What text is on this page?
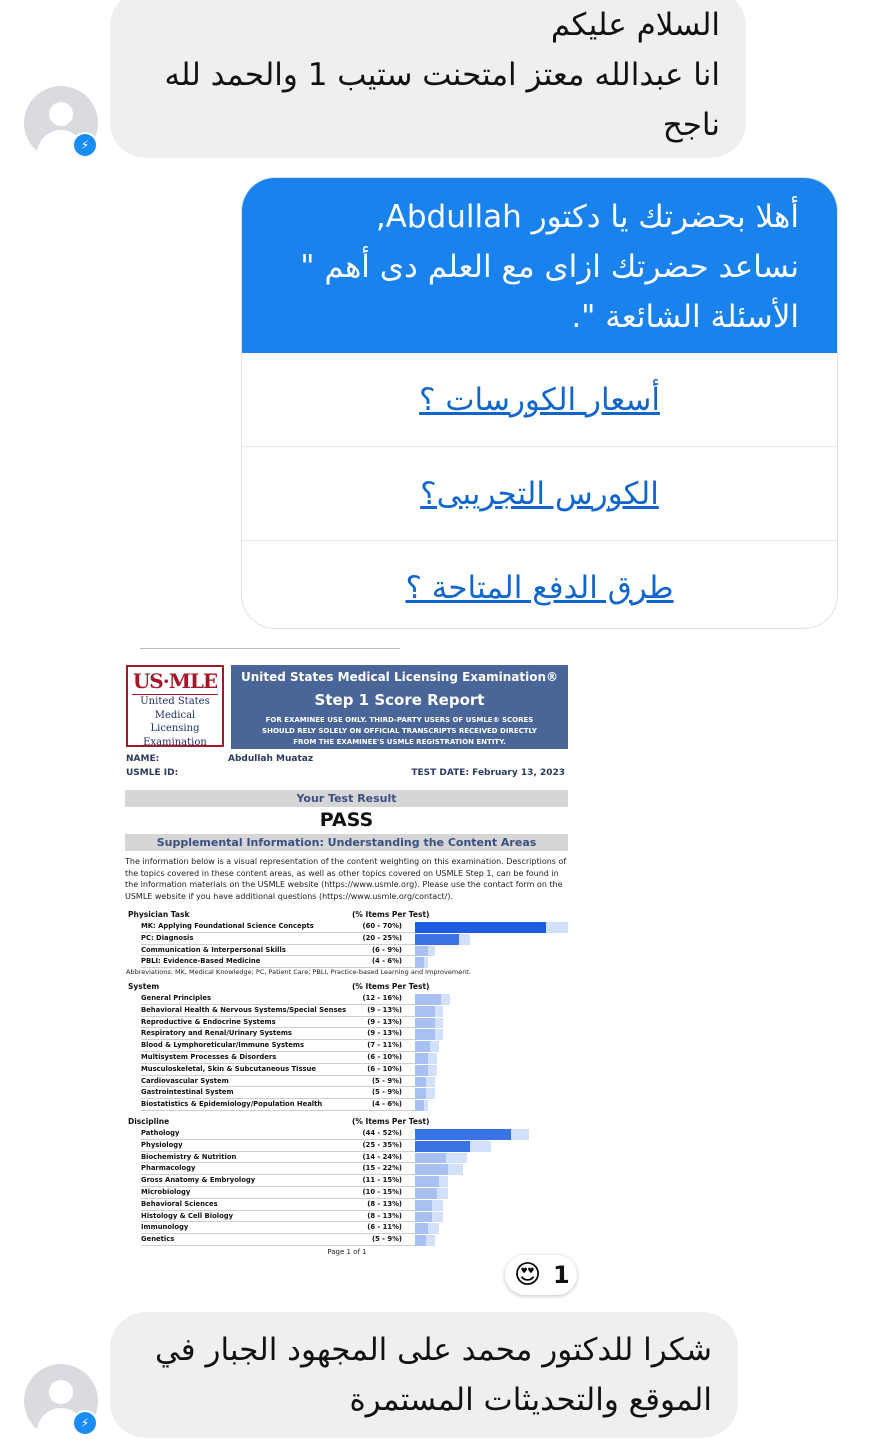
⚡
السلام عليكم
انا عبدالله معتز امتحنت ستيب 1 والحمد لله
ناجح
أهلا بحضرتك يا دكتور Abdullah,
نساعد حضرتك ازاى مع العلم دى أهم "
الأسئلة الشائعة ".
أسعار الكورسات ؟
الكورس التجريبى؟
طرق الدفع المتاحة ؟
US·MLE
United States
Medical
Licensing
Examination
United States Medical Licensing Examination®
Step 1 Score Report
FOR EXAMINEE USE ONLY. THIRD-PARTY USERS OF USMLE® SCORES
SHOULD RELY SOLELY ON OFFICIAL TRANSCRIPTS RECEIVED DIRECTLY
FROM THE EXAMINEE'S USMLE REGISTRATION ENTITY.
NAME:	Abdullah Muataz
USMLE ID:	TEST DATE: February 13, 2023
Your Test Result
PASS
Supplemental Information: Understanding the Content Areas
The information below is a visual representation of the content weighting on this examination. Descriptions of the topics covered in these content areas, as well as other topics covered on USMLE Step 1, can be found in the information materials on the USMLE website (https://www.usmle.org). Please use the contact form on the USMLE website if you have additional questions (https://www.usmle.org/contact/).
Physician Task	(% Items Per Test)
MK: Applying Foundational Science Concepts	(60 - 70%)
PC: Diagnosis	(20 - 25%)
Communication & Interpersonal Skills	(6 - 9%)
PBLI: Evidence-Based Medicine	(4 - 6%)
System	(% Items Per Test)
General Principles	(12 - 16%)
Behavioral Health & Nervous Systems/Special Senses	(9 - 13%)
Reproductive & Endocrine Systems	(9 - 13%)
Respiratory and Renal/Urinary Systems	(9 - 13%)
Blood & Lymphoreticular/Immune Systems	(7 - 11%)
Multisystem Processes & Disorders	(6 - 10%)
Musculoskeletal, Skin & Subcutaneous Tissue	(6 - 10%)
Cardiovascular System	(5 - 9%)
Gastrointestinal System	(5 - 9%)
Biostatistics & Epidemiology/Population Health	(4 - 6%)
Discipline	(% Items Per Test)
Pathology	(44 - 52%)
Physiology	(25 - 35%)
Biochemistry & Nutrition	(14 - 24%)
Pharmacology	(15 - 22%)
Gross Anatomy & Embryology	(11 - 15%)
Microbiology	(10 - 15%)
Behavioral Sciences	(8 - 13%)
Histology & Cell Biology	(8 - 13%)
Immunology	(6 - 11%)
Genetics	(5 - 9%)
Abbreviations: MK, Medical Knowledge; PC, Patient Care; PBLI, Practice-based Learning and Improvement.
Page 1 of 1
😍 1
⚡
شكرا للدكتور محمد على المجهود الجبار في
الموقع والتحديثات المستمرة
